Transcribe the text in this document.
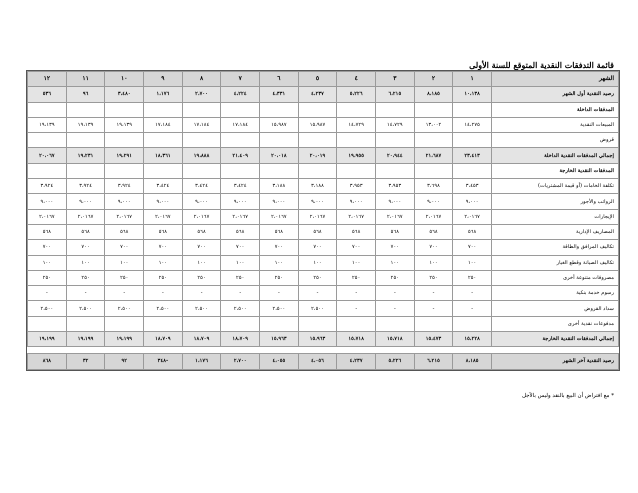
قائمة التدفقات النقدية المتوقع للسنة الأولى
الشهر	١	٢	٣	٤	٥	٦	٧	٨	٩	١٠	١١	١٢
رصيد النقدية أول الشهر	١٠،١٣٨	٨،١٨٥	٦،٢١٥	٥،٢٢٦	٤،٢٣٧	٤،٣٣١	٤،٢٢٤	٢،٧٠٠	١،١٧٦	٣،٤٨٠	٩٦	٥٣٦
المدفقات الداخلة												
المبيعات النقدية	١٤،٢٧٥	١٣،٠٠٢	١٤،٧٢٩	١٤،٧٢٩	١٥،٩٨٧	١٥،٩٨٧	١٧،١٨٤	١٧،١٨٤	١٧،١٨٤	١٩،١٣٩	١٩،١٣٩	١٩،١٣٩
قروض												
إجمالي المدفقات النقدية الداخلة	٢٣،٤١٣	٢١،٦٨٧	٢٠،٩٤٤	١٩،٩٥٥	٢٠،٠١٩	٢٠،٠١٨	٢١،٤٠٩	١٩،٨٨٨	١٨،٣٦١	١٩،٢٩١	١٩،٢٣١	٢٠،٠٦٧
المدفقات النقدية الخارجة												
تكلفة الخامات (أو قيمة المشتريات)	٣،٤٥٣	٣،٦٩٨	٣،٩٥٣	٣،٩٥٣	٣،١٨٨	٣،١٨٨	٣،٤٢٤	٣،٤٢٤	٣،٤٢٤	٣،٩٢٤	٣،٩٢٤	٣،٩٢٤
الرواتب والأجور	٩،٠٠٠	٩،٠٠٠	٩،٠٠٠	٩،٠٠٠	٩،٠٠٠	٩،٠٠٠	٩،٠٠٠	٩،٠٠٠	٩،٠٠٠	٩،٠٠٠	٩،٠٠٠	٩،٠٠٠
الإيجارات	٢،٠١٦٧	٢،٠١٦٧	٢،٠١٦٧	٢،٠١٦٧	٢،٠١٦٧	٢،٠١٦٧	٢،٠١٦٧	٢،٠١٦٧	٢،٠١٦٧	٢،٠١٦٧	٢،٠١٦٧	٢،٠١٦٧
المصاريف الإدارية	٥٦٨	٥٦٨	٥٦٨	٥٦٨	٥٦٨	٥٦٨	٥٦٨	٥٦٨	٥٦٨	٥٦٨	٥٦٨	٥٦٨
تكاليف المرافق والطاقة	٧٠٠	٧٠٠	٧٠٠	٧٠٠	٧٠٠	٧٠٠	٧٠٠	٧٠٠	٧٠٠	٧٠٠	٧٠٠	٧٠٠
تكاليف الصيانة وقطع الغيار	١٠٠	١٠٠	١٠٠	١٠٠	١٠٠	١٠٠	١٠٠	١٠٠	١٠٠	١٠٠	١٠٠	١٠٠
مصروفات متنوعة أخرى	٢٥٠	٢٥٠	٢٥٠	٢٥٠	٢٥٠	٢٥٠	٢٥٠	٢٥٠	٢٥٠	٢٥٠	٢٥٠	٢٥٠
رسوم خدمة بنكية	-	-	-	-	-	-	-	-	-	-	-	-
سداد القروض	-	-	-	-	٢،٥٠٠	٢،٥٠٠	٢،٥٠٠	٢،٥٠٠	٢،٥٠٠	٢،٥٠٠	٢،٥٠٠	٢،٥٠٠
مدفوعات نقدية أخرى												
إجمالي المدفقات النقدية الخارجة	١٥،٢٢٨	١٥،٤٧٣	١٥،٧١٨	١٥،٧١٨	١٥،٩٦٣	١٥،٩٦٣	١٨،٧٠٩	١٨،٧٠٩	١٨،٧٠٩	١٩،١٩٩	١٩،١٩٩	١٩،١٩٩

رصيد النقدية آخر الشهر	٨،١٨٥	٦،٢١٥	٥،٢٢٦	٤،٢٣٧	٤،٠٥٦	٤،٠٥٥	٢،٧٠٠	١،١٧٦	-٣٤٨	٩٢	٣٢	٨٦٨
* مع افتراض أن البيع بالنقد وليس بالآجل
